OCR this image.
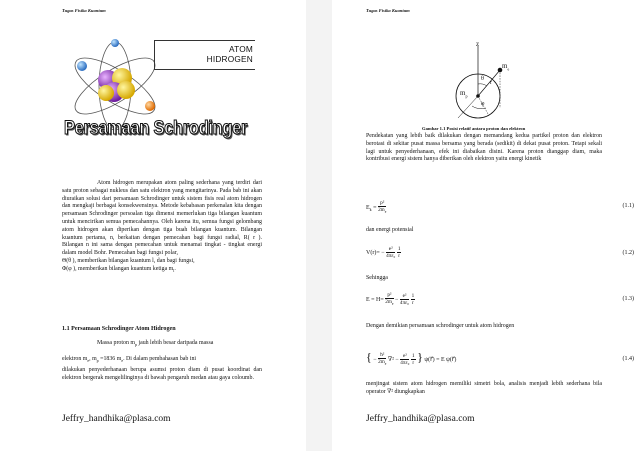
Tugas Fisika Kuantum
ATOM
HIDROGEN
Persamaan Schrodinger
Atom hidrogen merupakan atom paling sederhana yang terdiri dari satu proton sebagai nukleus dan satu elektron yang mengitarinya. Pada bab ini akan diuraikan solusi dari persamaan Schrodinger untuk sistem fisis real atom hidrogen dan mengkaji berbagai konsekwensinya. Metode kebabasan perkenalan kita dengan persamaan Schrodinger persoalan tiga dimensi memerlukan tiga bilangan kuantum untuk mencirikan semua pemecahannya. Oleh karena itu, semua fungsi gelombang atom hidrogen akan diperikan dengan tiga buah bilangan kuantum. Bilangan kuantum pertama, n, berkaitan dengan pemecahan bagi fungsi radial, R( r ). Bilangan n ini sama dengan pemecahan untuk menamai tingkat - tingkat energi dalam model Bohr. Pemecahan bagi fungsi polar,
Θ(θ ), memberikan bilangan kuantum l, dan bagi fungsi,
Φ(φ ), memberikan bilangan kuantum ketiga $m_l$.
1.1 Persamaan Schrodinger Atom Hidrogen
Massa proton $m_p$ jauh lebih besar daripada massa
elektron $m_e$, $m_p =1836$ $m_e$. Di dalam pembahasan bab ini
dilakukan penyederhanaan berupa asumsi proton diam di pusat koordinat dan elektron bergerak mengelilinginya di bawah pengaruh medan atau gaya coloumb.
Jeffry_handhika@plasa.com
Tugas Fisika Kuantum
z
$m_e$
$m_p$
r
θ
φ
Gambar 1.1 Posisi relatif antara proton dan elektron
Pendekatan yang lebih baik dilakukan dengan memandang kedua partikel proton dan elektron berotasi di sekitar pusat massa bersama yang berada (sedikit) di dekat pusat proton. Tetapi sekali lagi untuk penyederhanaan, efek ini diabaikan disini. Karena proton dianggap diam, maka kontribusi energi sistem hanya diberikan oleh elektron yaitu energi kinetik
$E_k = \frac{\text{p²}}{2m_e}$	(1.1)
dan energi potensial
$V(r)= - \frac{\text{e²}}{\text{4πε₀}}$
$\frac{1}{r}$	(1.2)
Sehingga
$E = H= \frac{\text{p²}}{2m_e} - \frac{\text{e²}}{\text{4πε₀}}$
$\frac{1}{r}$	(1.3)
Dengan demikian persamaan schrodinger untuk atom hidrogen
{ − $\frac{\text{ħ²}}{2m_e} \nabla^2 - \frac{\text{e²}}{\text{4πε₀}}$
$\frac{1}{r}$ } ψ(r⃗) = E ψ(r⃗)	(1.4)
menjingat sistem atom hidrogen memiliki simetri bola, analisis menjadi lebih sederhana bila operator ∇² diungkapkan
Jeffry_handhika@plasa.com
